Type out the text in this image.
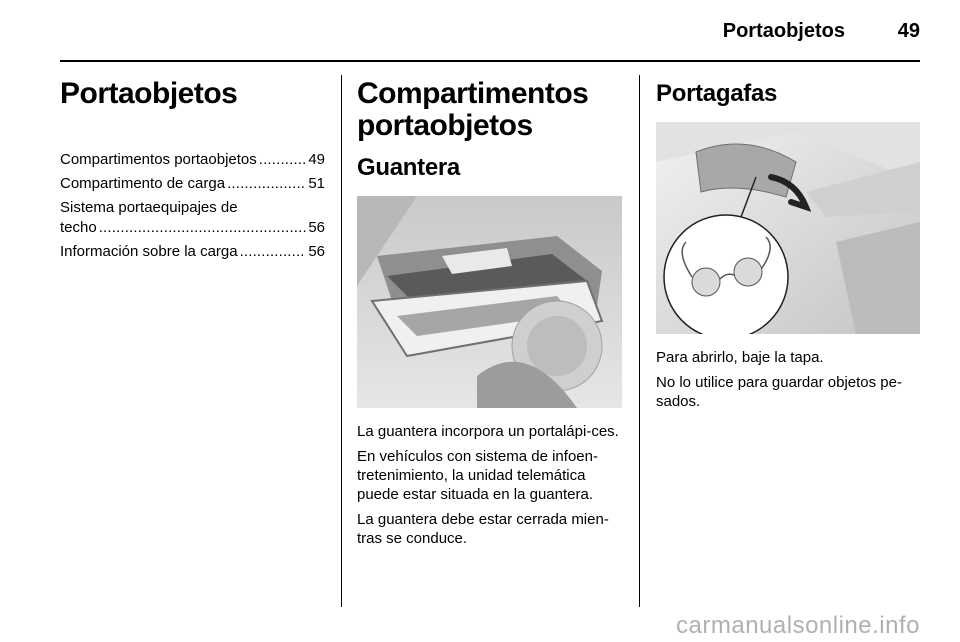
Portaobjetos	49
Portaobjetos
Compartimentos portaobjetos . . .	49
Compartimento de carga . . .	51
Sistema portaequipajes de
techo . . .	56
Información sobre la carga . . .	56
Compartimentos
portaobjetos
Guantera

La guantera incorpora un portalápi-ces.

En vehículos con sistema de infoen-tretenimiento, la unidad telemática puede estar situada en la guantera.

La guantera debe estar cerrada mien-tras se conduce.

Portagafas

Para abrirlo, baje la tapa.

No lo utilice para guardar objetos pe-sados.

carmanualsonline.info
